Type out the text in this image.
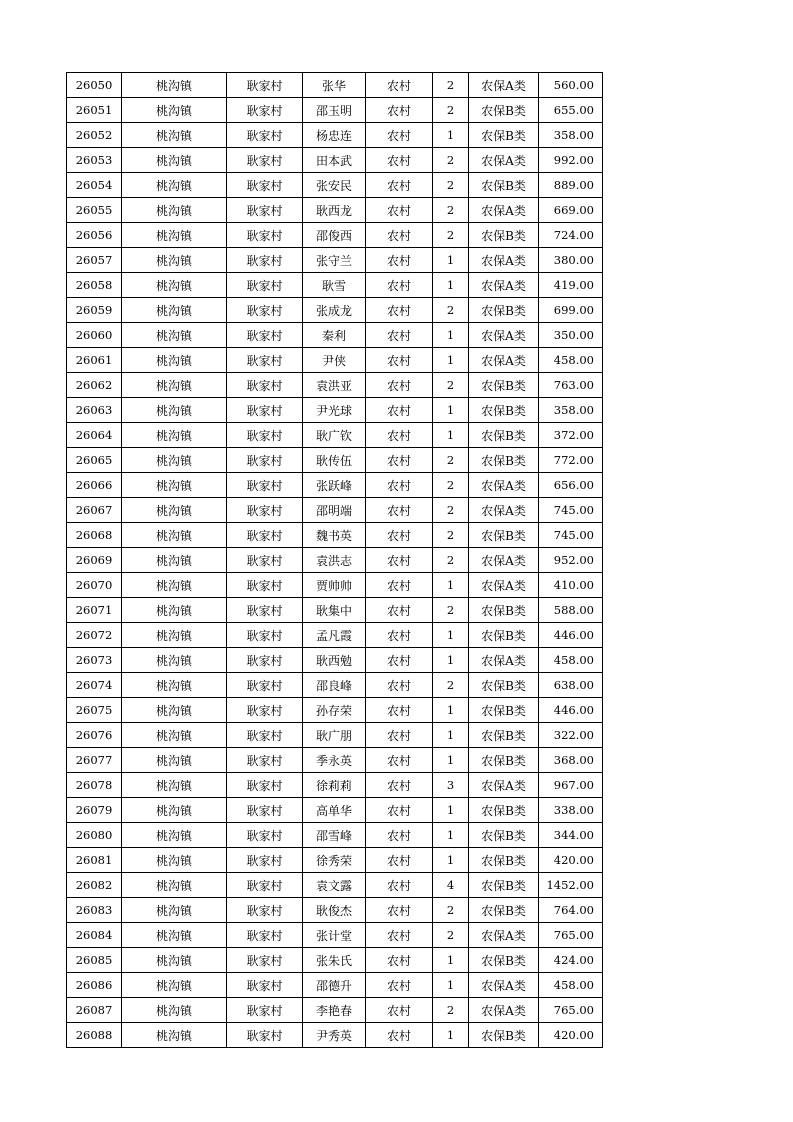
26050	桃沟镇	耿家村	张华	农村	2	农保A类	560.00
26051	桃沟镇	耿家村	邵玉明	农村	2	农保B类	655.00
26052	桃沟镇	耿家村	杨忠连	农村	1	农保B类	358.00
26053	桃沟镇	耿家村	田本武	农村	2	农保A类	992.00
26054	桃沟镇	耿家村	张安民	农村	2	农保B类	889.00
26055	桃沟镇	耿家村	耿西龙	农村	2	农保A类	669.00
26056	桃沟镇	耿家村	邵俊西	农村	2	农保B类	724.00
26057	桃沟镇	耿家村	张守兰	农村	1	农保A类	380.00
26058	桃沟镇	耿家村	耿雪	农村	1	农保A类	419.00
26059	桃沟镇	耿家村	张成龙	农村	2	农保B类	699.00
26060	桃沟镇	耿家村	秦利	农村	1	农保A类	350.00
26061	桃沟镇	耿家村	尹侠	农村	1	农保A类	458.00
26062	桃沟镇	耿家村	袁洪亚	农村	2	农保B类	763.00
26063	桃沟镇	耿家村	尹光球	农村	1	农保B类	358.00
26064	桃沟镇	耿家村	耿广钦	农村	1	农保B类	372.00
26065	桃沟镇	耿家村	耿传伍	农村	2	农保B类	772.00
26066	桃沟镇	耿家村	张跃峰	农村	2	农保A类	656.00
26067	桃沟镇	耿家村	邵明端	农村	2	农保A类	745.00
26068	桃沟镇	耿家村	魏书英	农村	2	农保B类	745.00
26069	桃沟镇	耿家村	袁洪志	农村	2	农保A类	952.00
26070	桃沟镇	耿家村	贾帅帅	农村	1	农保A类	410.00
26071	桃沟镇	耿家村	耿集中	农村	2	农保B类	588.00
26072	桃沟镇	耿家村	孟凡霞	农村	1	农保B类	446.00
26073	桃沟镇	耿家村	耿西勉	农村	1	农保A类	458.00
26074	桃沟镇	耿家村	邵良峰	农村	2	农保B类	638.00
26075	桃沟镇	耿家村	孙存荣	农村	1	农保B类	446.00
26076	桃沟镇	耿家村	耿广朋	农村	1	农保B类	322.00
26077	桃沟镇	耿家村	季永英	农村	1	农保B类	368.00
26078	桃沟镇	耿家村	徐莉莉	农村	3	农保A类	967.00
26079	桃沟镇	耿家村	高单华	农村	1	农保B类	338.00
26080	桃沟镇	耿家村	邵雪峰	农村	1	农保B类	344.00
26081	桃沟镇	耿家村	徐秀荣	农村	1	农保B类	420.00
26082	桃沟镇	耿家村	袁文露	农村	4	农保B类	1452.00
26083	桃沟镇	耿家村	耿俊杰	农村	2	农保B类	764.00
26084	桃沟镇	耿家村	张计堂	农村	2	农保A类	765.00
26085	桃沟镇	耿家村	张朱氏	农村	1	农保B类	424.00
26086	桃沟镇	耿家村	邵德升	农村	1	农保A类	458.00
26087	桃沟镇	耿家村	李艳春	农村	2	农保A类	765.00
26088	桃沟镇	耿家村	尹秀英	农村	1	农保B类	420.00
